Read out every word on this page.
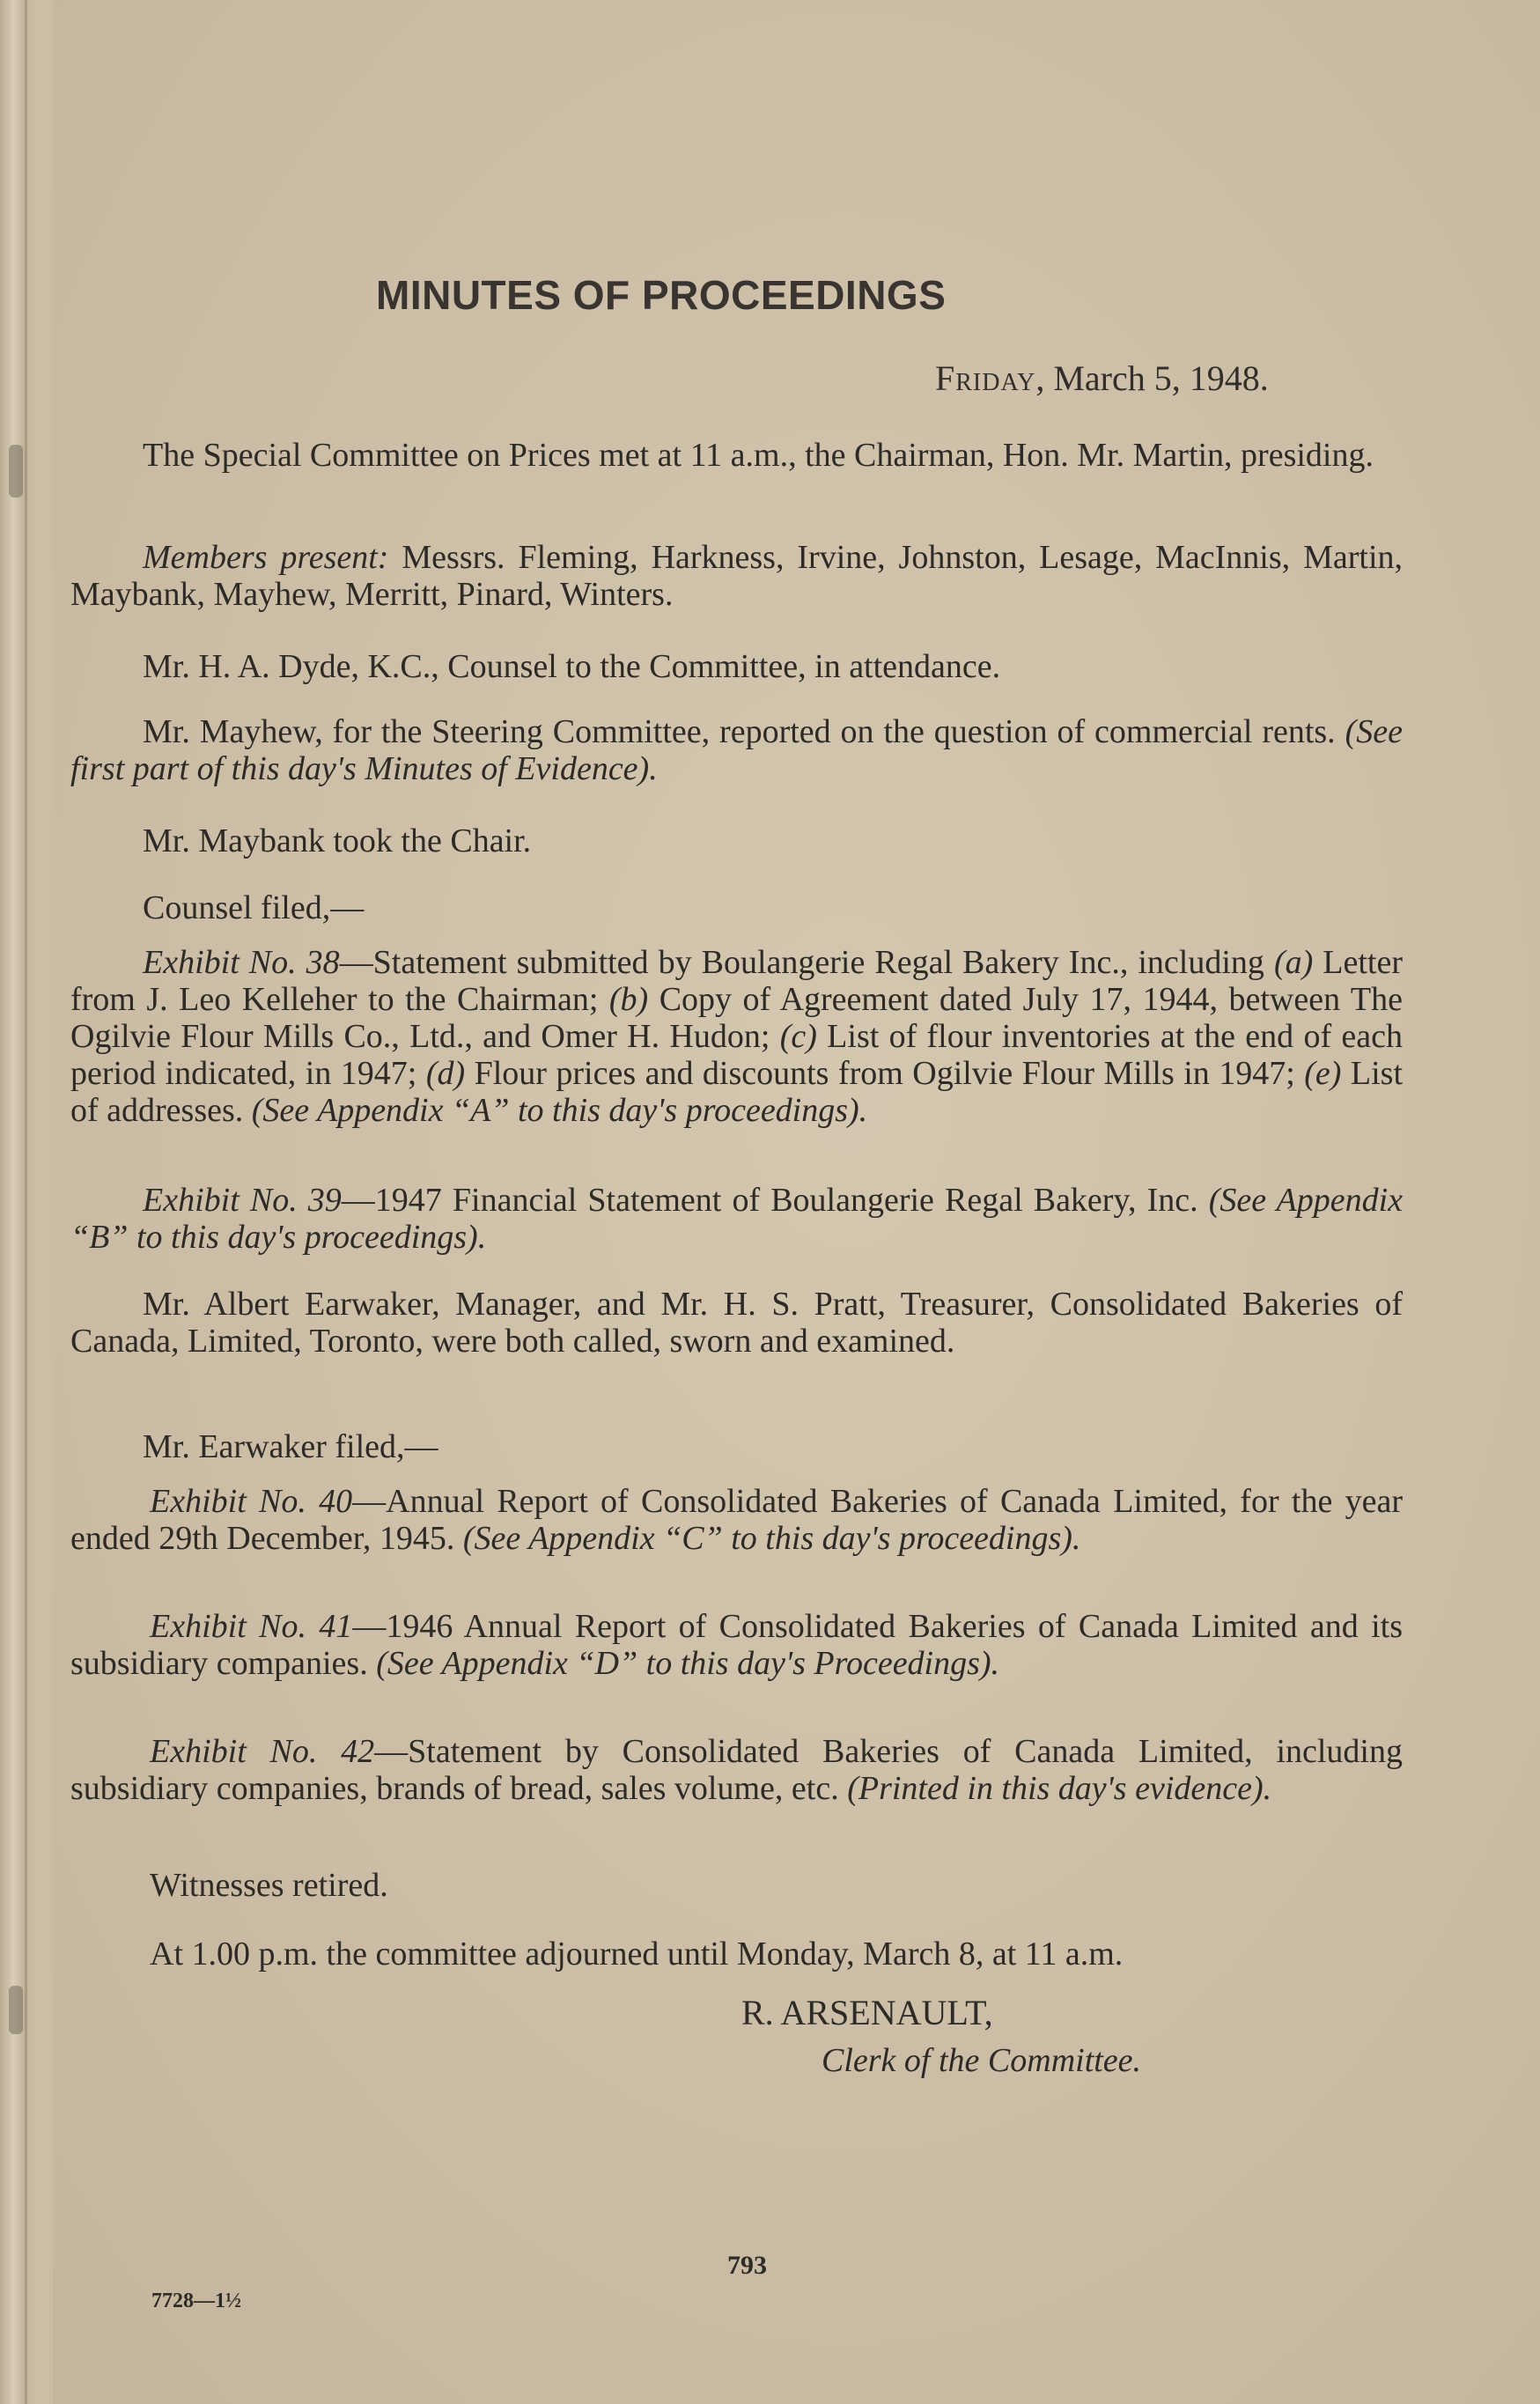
MINUTES OF PROCEEDINGS
Friday, March 5, 1948.

The Special Committee on Prices met at 11 a.m., the Chairman, Hon. Mr. Martin, presiding.

Members present: Messrs. Fleming, Harkness, Irvine, Johnston, Lesage, MacInnis, Martin, Maybank, Mayhew, Merritt, Pinard, Winters.

Mr. H. A. Dyde, K.C., Counsel to the Committee, in attendance.

Mr. Mayhew, for the Steering Committee, reported on the question of commercial rents. (See first part of this day's Minutes of Evidence).

Mr. Maybank took the Chair.

Counsel filed,—

Exhibit No. 38—Statement submitted by Boulangerie Regal Bakery Inc., including (a) Letter from J. Leo Kelleher to the Chairman; (b) Copy of Agreement dated July 17, 1944, between The Ogilvie Flour Mills Co., Ltd., and Omer H. Hudon; (c) List of flour inventories at the end of each period indicated, in 1947; (d) Flour prices and discounts from Ogilvie Flour Mills in 1947; (e) List of addresses. (See Appendix “A” to this day's proceedings).

Exhibit No. 39—1947 Financial Statement of Boulangerie Regal Bakery, Inc. (See Appendix “B” to this day's proceedings).

Mr. Albert Earwaker, Manager, and Mr. H. S. Pratt, Treasurer, Consolidated Bakeries of Canada, Limited, Toronto, were both called, sworn and examined.

Mr. Earwaker filed,—

Exhibit No. 40—Annual Report of Consolidated Bakeries of Canada Limited, for the year ended 29th December, 1945. (See Appendix “C” to this day's proceedings).

Exhibit No. 41—1946 Annual Report of Consolidated Bakeries of Canada Limited and its subsidiary companies. (See Appendix “D” to this day's Proceedings).

Exhibit No. 42—Statement by Consolidated Bakeries of Canada Limited, including subsidiary companies, brands of bread, sales volume, etc. (Printed in this day's evidence).

Witnesses retired.

At 1.00 p.m. the committee adjourned until Monday, March 8, at 11 a.m.

R. ARSENAULT,
Clerk of the Committee.
793
7728—1½
